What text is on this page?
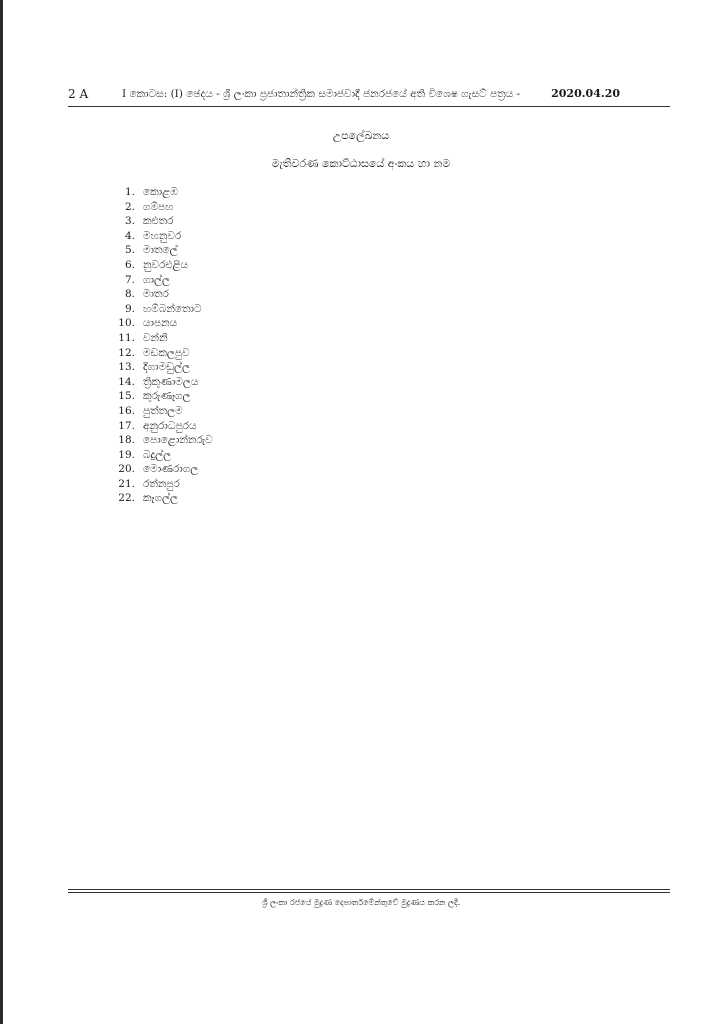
2 A	I කොටස: (I) ඡෙදය - ශ්‍රී ලංකා ප්‍රජාතාන්ත්‍රික සමාජවාදී ජනරජයේ අති විශෙෂ ගැසට් පත්‍රය -	2020.04.20
උපලේඛනය
මැතිවරණ කොට්ඨාසයේ අංකය හා නම
1. කොළඹ
2. ගම්පහ
3. කළුතර
4. මහනුවර
5. මාතලේ
6. නුවරඑළිය
7. ගාල්ල
8. මාතර
9. හම්බන්තොට
10. යාපනය
11. වන්නි
12. මඩකලපුව
13. දිගාමඩුල්ල
14. ත්‍රිකුණාමලය
15. කුරුණෑගල
16. පුත්තලම
17. අනුරාධපුරය
18. පොළොන්නරුව
19. බදුල්ල
20. මොණරාගල
21. රත්නපුර
22. කෑගල්ල
ශ්‍රී ලංකා රජයේ මුද්‍රණ දෙපාර්තමේන්තුවේ මුද්‍රණය කරන ලදී.
